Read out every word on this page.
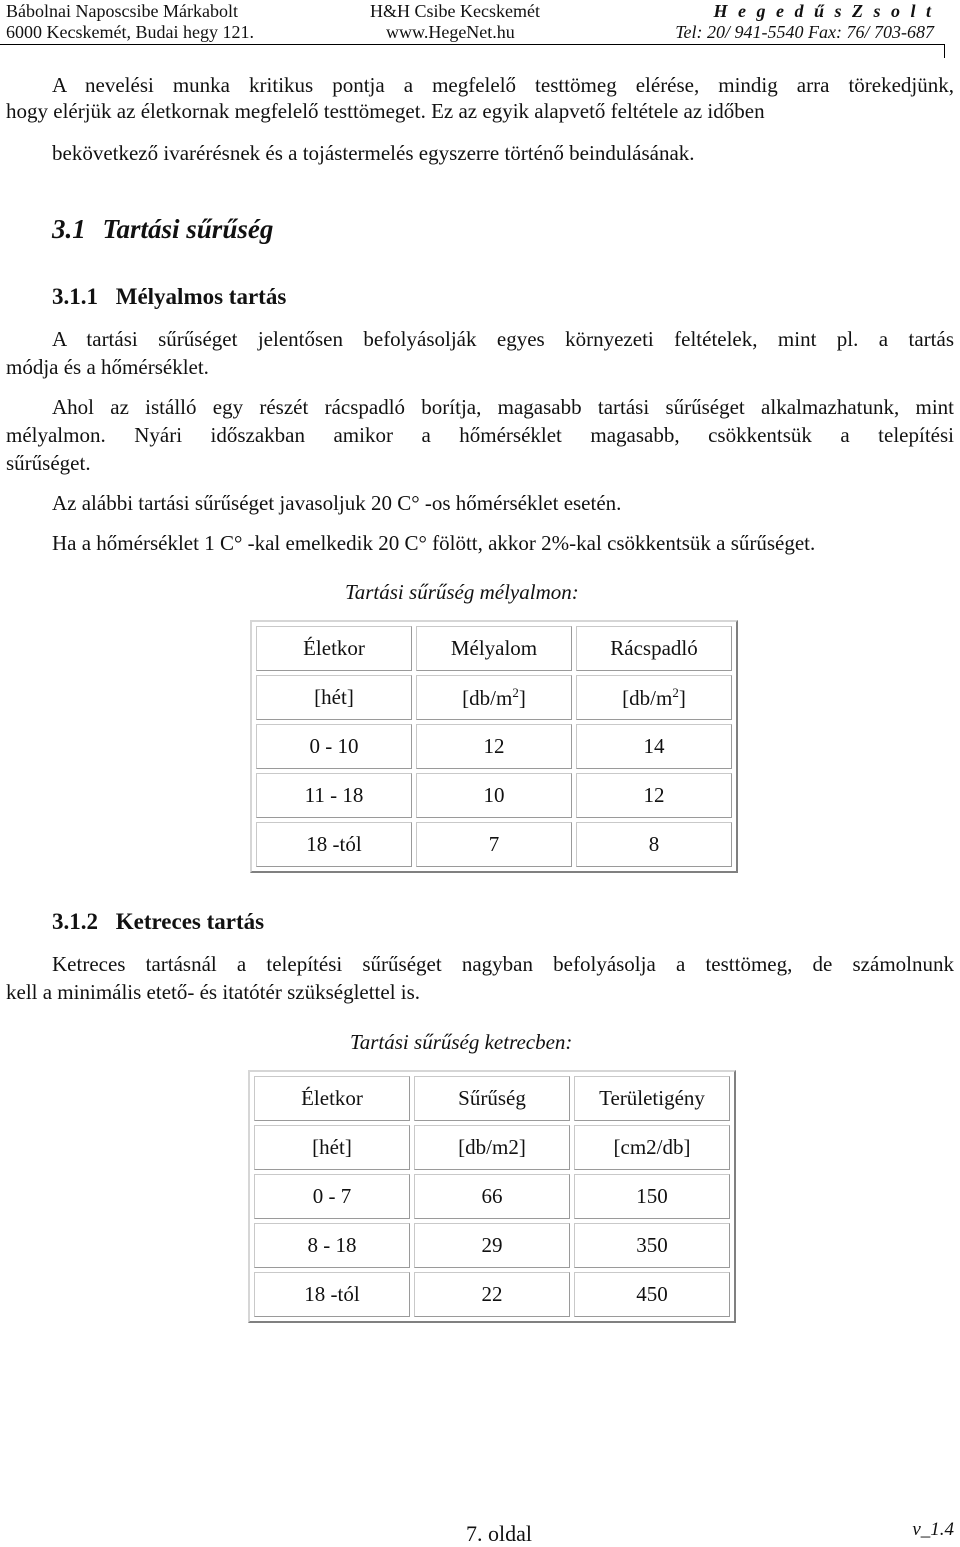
Bábolnai Naposcsibe Márkabolt
6000 Kecskemét, Budai hegy 121.
H&H Csibe Kecskemét
www.HegeNet.hu
H e g e d ű s Z s o l t
Tel: 20/ 941-5540 Fax: 76/ 703-687
A nevelési munka kritikus pontja a megfelelő testtömeg elérése, mindig arra törekedjünk,
hogy elérjük az életkornak megfelelő testtömeget. Ez az egyik alapvető feltétele az időben
bekövetkező ivarérésnek és a tojástermelés egyszerre történő beindulásának.
3.1 Tartási sűrűség
3.1.1 Mélyalmos tartás
A tartási sűrűséget jelentősen befolyásolják egyes környezeti feltételek, mint pl. a tartás
módja és a hőmérséklet.
Ahol az istálló egy részét rácspadló borítja, magasabb tartási sűrűséget alkalmazhatunk, mint
mélyalmon. Nyári időszakban amikor a hőmérséklet magasabb, csökkentsük a telepítési
sűrűséget.
Az alábbi tartási sűrűséget javasoljuk 20 C° -os hőmérséklet esetén.
Ha a hőmérséklet 1 C° -kal emelkedik 20 C° fölött, akkor 2%-kal csökkentsük a sűrűséget.
Tartási sűrűség mélyalmon:
Életkor	Mélyalom	Rácspadló
[hét]	$[db/m^2]$	$[db/m^2]$
0 - 10	12	14
11 - 18	10	12
18 -tól	7	8
3.1.2 Ketreces tartás
Ketreces tartásnál a telepítési sűrűséget nagyban befolyásolja a testtömeg, de számolnunk
kell a minimális etető- és itatótér szükséglettel is.
Tartási sűrűség ketrecben:
Életkor	Sűrűség	Területigény
[hét]	[db/m2]	[cm2/db]
0 - 7	66	150
8 - 18	29	350
18 -tól	22	450
7. oldal	v_1.4
